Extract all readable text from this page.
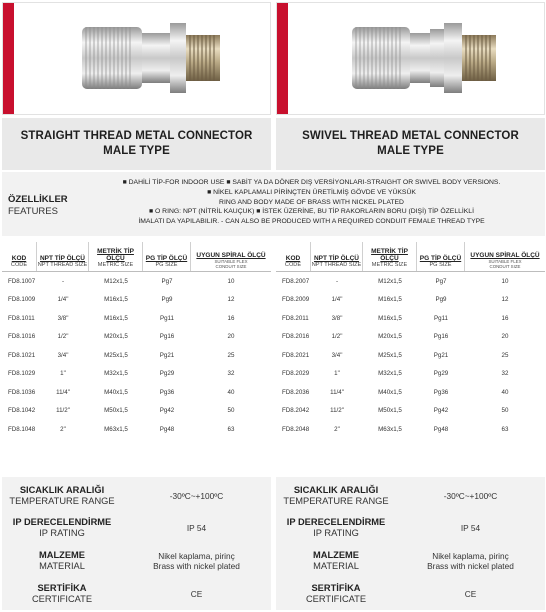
STRAIGHT THREAD METAL CONNECTOR
MALE TYPE
SWIVEL THREAD METAL CONNECTOR
MALE TYPE
ÖZELLİKLER
FEATURES
■ DAHİLİ TİP-FOR INDOOR USE ■ SABİT YA DA DÖNER DIŞ VERSİYONLARI-STRAIGHT OR SWIVEL BODY VERSIONS.
■ NİKEL KAPLAMALI PİRİNÇTEN ÜRETİLMİŞ GÖVDE VE YÜKSÜK
RING AND BODY MADE OF BRASS WITH NICKEL PLATED
■ O RING: NPT (NİTRİL KAUÇUK) ■ İSTEK ÜZERİNE, BU TİP RAKORLARIN BORU (DIŞİ) TİP ÖZELLİKLİ
İMALATI DA YAPILABILIR. - CAN ALSO BE PRODUCED WITH A REQUIRED CONDUIT FEMALE THREAD TYPE
KOD
CODE
NPT TİP ÖLÇÜ
NPT THREAD SIZE
METRİK TİP ÖLÇÜ
METRIC SIZE
PG TİP ÖLÇÜ
PG SIZE
UYGUN SPİRAL ÖLÇÜ
SUITABLE FLEX
CONDUIT SIZE
FD8.1007	-	M12x1,5	Pg7	10
FD8.1009	1/4"	M16x1,5	Pg9	12
FD8.1011	3/8"	M16x1,5	Pg11	16
FD8.1016	1/2"	M20x1,5	Pg16	20
FD8.1021	3/4"	M25x1,5	Pg21	25
FD8.1029	1"	M32x1,5	Pg29	32
FD8.1036	11/4"	M40x1,5	Pg36	40
FD8.1042	11/2"	M50x1,5	Pg42	50
FD8.1048	2"	M63x1,5	Pg48	63
KOD
CODE
NPT TİP ÖLÇÜ
NPT THREAD SIZE
METRİK TİP ÖLÇÜ
METRIC SIZE
PG TİP ÖLÇÜ
PG SIZE
UYGUN SPİRAL ÖLÇÜ
SUITABLE FLEX
CONDUIT SIZE
FD8.2007	-	M12x1,5	Pg7	10
FD8.2009	1/4"	M16x1,5	Pg9	12
FD8.2011	3/8"	M16x1,5	Pg11	16
FD8.2016	1/2"	M20x1,5	Pg16	20
FD8.2021	3/4"	M25x1,5	Pg21	25
FD8.2029	1"	M32x1,5	Pg29	32
FD8.2036	11/4"	M40x1,5	Pg36	40
FD8.2042	11/2"	M50x1,5	Pg42	50
FD8.2048	2"	M63x1,5	Pg48	63
SICAKLIK ARALIĞI
TEMPERATURE RANGE	-30ºC~+100ºC
IP DERECELENDİRME
IP RATING	IP 54
MALZEME
MATERIAL
Nikel kaplama, pirinç
Brass with nickel plated
SERTİFİKA
CERTIFICATE	CE
SICAKLIK ARALIĞI
TEMPERATURE RANGE	-30ºC~+100ºC
IP DERECELENDİRME
IP RATING	IP 54
MALZEME
MATERIAL
Nikel kaplama, pirinç
Brass with nickel plated
SERTİFİKA
CERTIFICATE	CE
